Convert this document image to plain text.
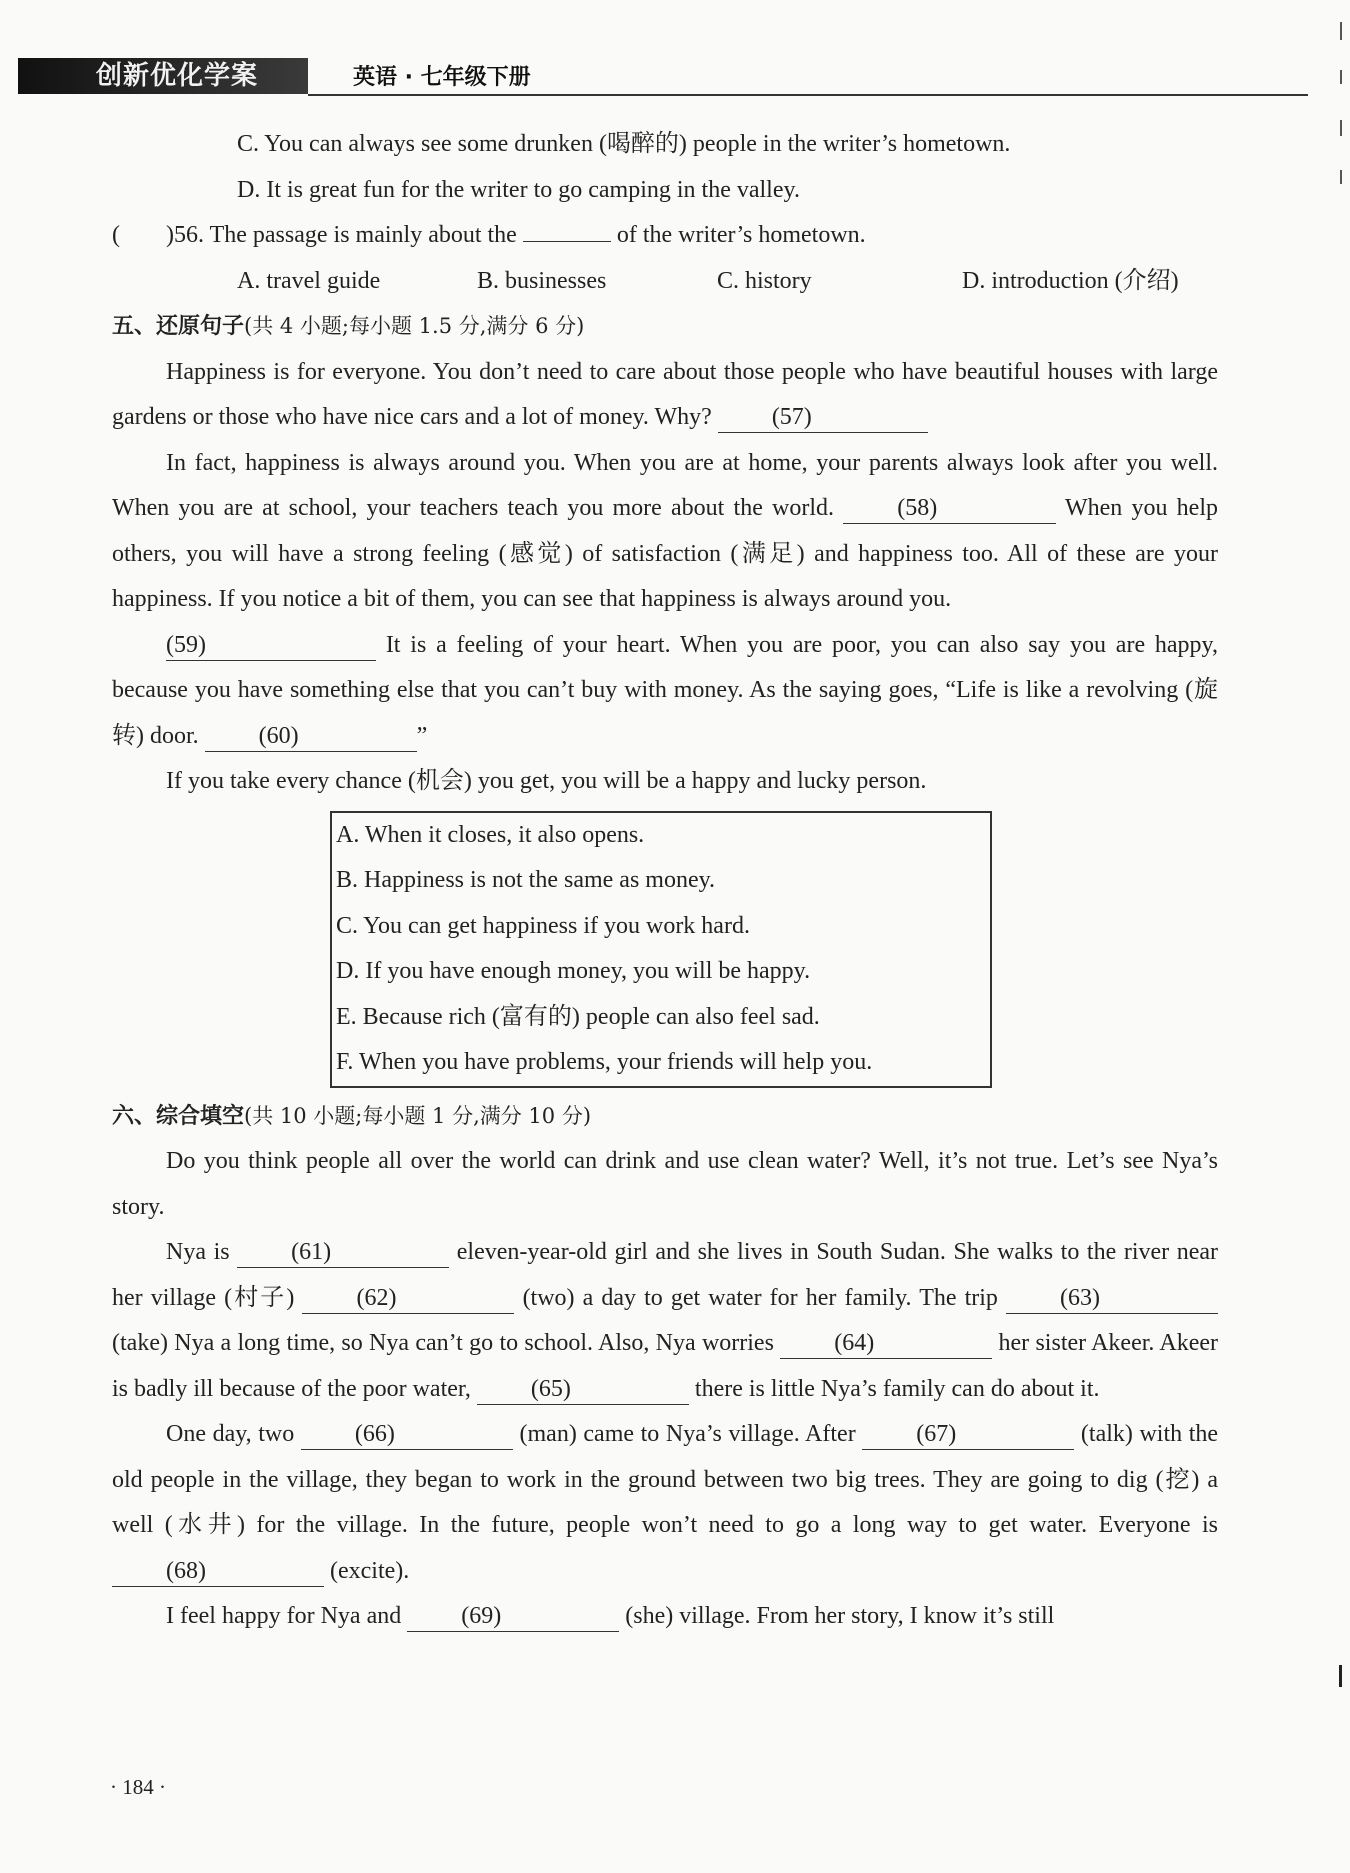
创新优化学案	英语 · 七年级下册

C. You can always see some drunken (喝醉的) people in the writer’s hometown.

D. It is great fun for the writer to go camping in the valley.

( )56. The passage is mainly about the	of the writer’s hometown.

A. travel guide	B. businesses	C. history	D. introduction (介绍)

五、还原句子(共 4 小题;每小题 1.5 分,满分 6 分)

Happiness is for everyone. You don’t need to care about those people who have beautiful houses with large gardens or those who have nice cars and a lot of money. Why?	(57)

In fact, happiness is always around you. When you are at home, your parents always look after you well. When you are at school, your teachers teach you more about the world.	(58)	When you help others, you will have a strong feeling (感觉) of satisfaction (满足) and happiness too. All of these are your happiness. If you notice a bit of them, you can see that happiness is always around you.

(59)	It is a feeling of your heart. When you are poor, you can also say you are happy, because you have something else that you can’t buy with money. As the saying goes, “Life is like a revolving (旋转) door.	(60)	”

If you take every chance (机会) you get, you will be a happy and lucky person.

A. When it closes, it also opens.

B. Happiness is not the same as money.

C. You can get happiness if you work hard.

D. If you have enough money, you will be happy.

E. Because rich (富有的) people can also feel sad.

F. When you have problems, your friends will help you.

六、综合填空(共 10 小题;每小题 1 分,满分 10 分)

Do you think people all over the world can drink and use clean water? Well, it’s not true. Let’s see Nya’s story.

Nya is	(61)	eleven-year-old girl and she lives in South Sudan. She walks to the river near her village (村子)	(62)	(two) a day to get water for her family. The trip	(63) (take) Nya a long time, so Nya can’t go to school. Also, Nya worries	(64)	her sister Akeer. Akeer is badly ill because of the poor water,	(65)	there is little Nya’s family can do about it.

One day, two	(66)	(man) came to Nya’s village. After	(67)	(talk) with the old people in the village, they began to work in the ground between two big trees. They are going to dig (挖) a well (水井) for the village. In the future, people won’t need to go a long way to get water. Everyone is (68)	(excite).

I feel happy for Nya and	(69)	(she) village. From her story, I know it’s still

· 184 ·
